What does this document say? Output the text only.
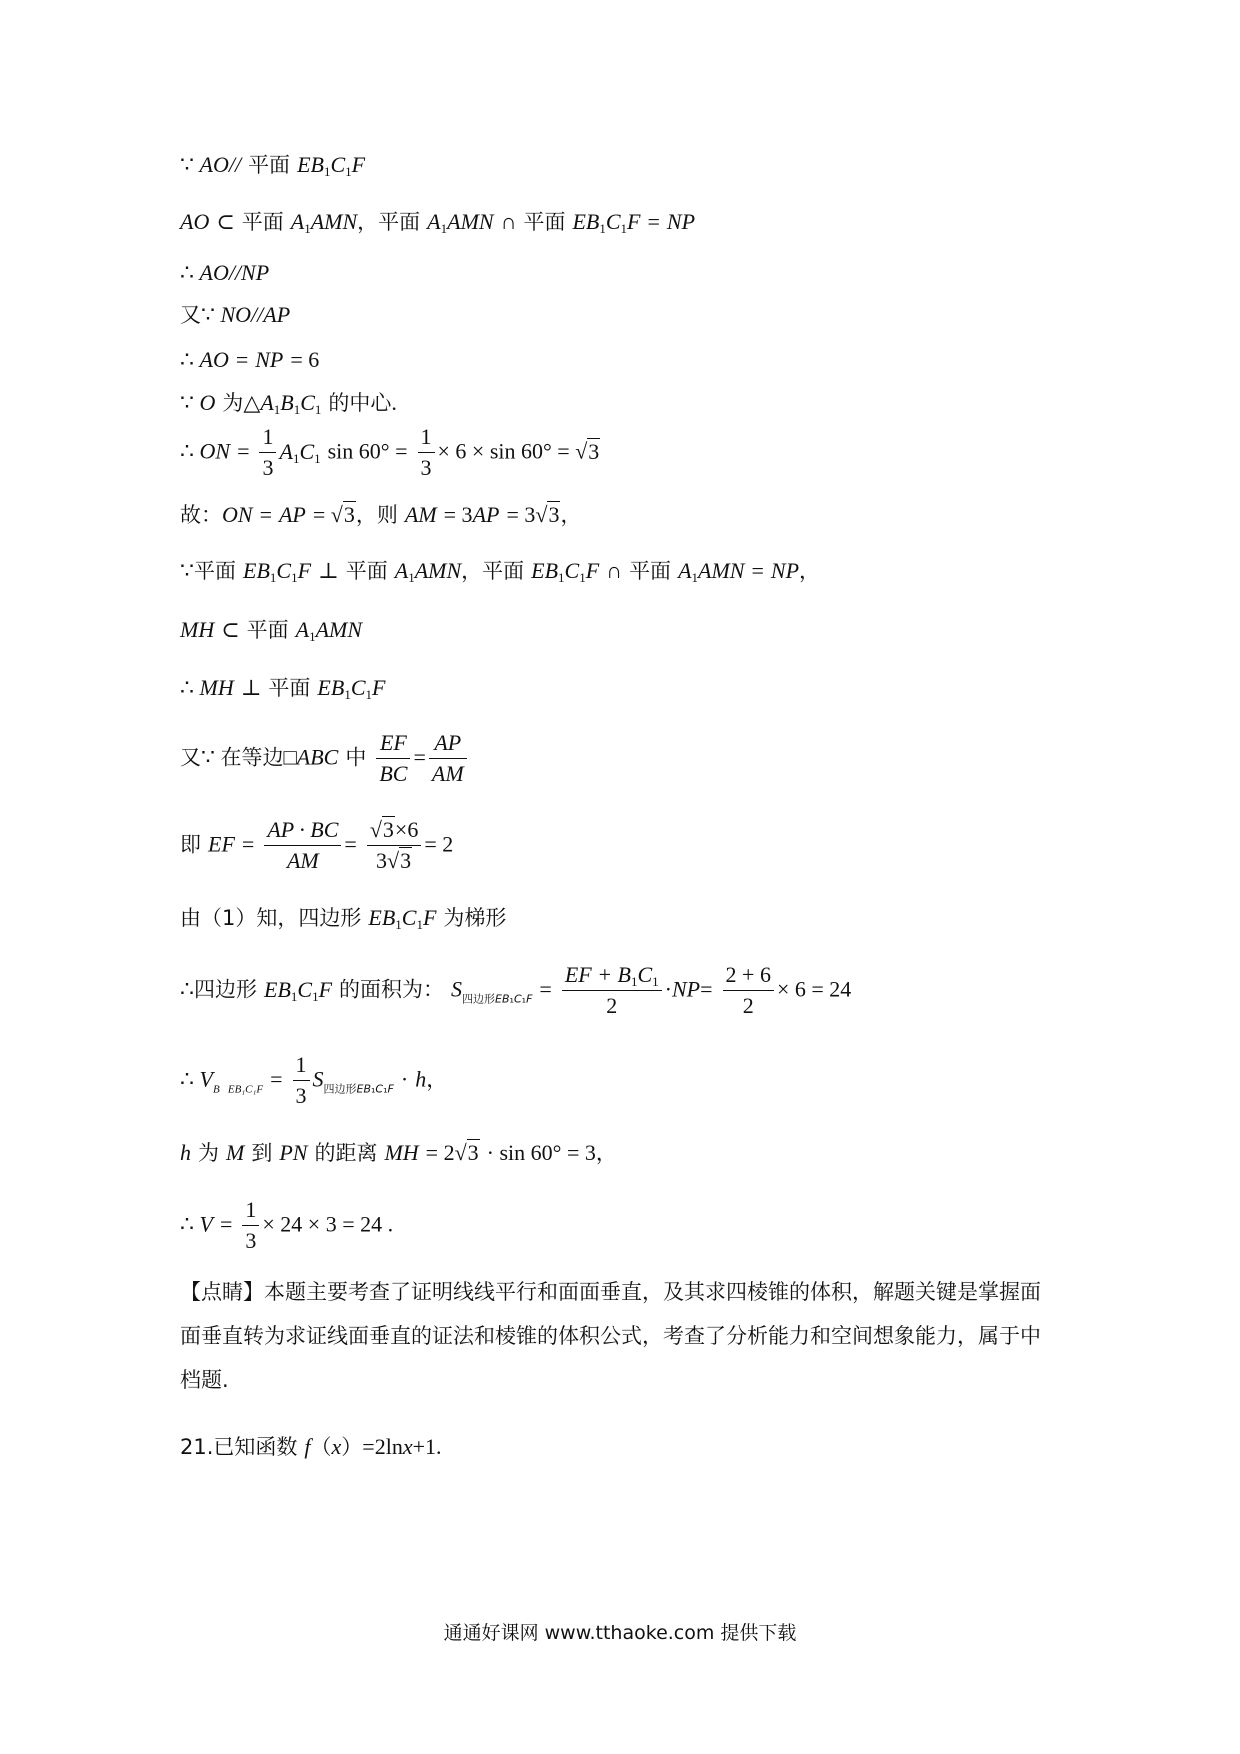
∵ AO// 平面 $EB_1C_1F$
AO ⊂ 平面 $A_1AMN$，平面 $A_1AMN$ ∩ 平面 $EB_1C_1F$ = NP
∴ AO//NP
又∵ NO//AP
∴ AO = NP = 6
∵ O 为$\triangle A_1B_1C_1$ 的中心.
∴ ON = $\frac{1}{3} A_1C_1$ $\sin 60^\circ = \frac{1}{3} \times 6 \times \sin 60^\circ = √3$
故：ON = AP = √3，则 AM = 3AP = 3√3，
∵平面 $EB_1C_1F$ ⊥ 平面 $A_1AMN$，平面 $EB_1C_1F$ ∩ 平面 $A_1AMN$ = NP，
MH ⊂ 平面 $A_1AMN$
∴ MH ⊥ 平面 $EB_1C_1F$
又∵ 在等边□ABC 中 $\frac{EF}{BC} = \frac{AP}{AM}$
即 EF = $\frac{AP \cdot BC}{AM} = \frac{√3\times 6}{3√3} = 2$
由（1）知，四边形 $EB_1C_1F$ 为梯形
∴四边形 $EB_1C_1F$ 的面积为： $S_{四边形EB_1C_1F} = \frac{EF + B_1C_1}{2} \cdot NP= \frac{2 + 6}{2} \times 6 = 24$
∴ $V_{B EB_1C_1F} = \frac{1}{3} S_{四边形EB_1C_1F} \cdot h$，
h 为 M 到 PN 的距离 MH = 2√3 · sin 60° = 3，
∴ $V = \frac{1}{3} \times 24 \times 3 = 24$ .
【点睛】本题主要考查了证明线线平行和面面垂直，及其求四棱锥的体积，解题关键是掌握面面垂直转为求证线面垂直的证法和棱锥的体积公式，考查了分析能力和空间想象能力，属于中档题.
21.已知函数 f（x）=2lnx+1.
通通好课网 www.tthaoke.com 提供下载
